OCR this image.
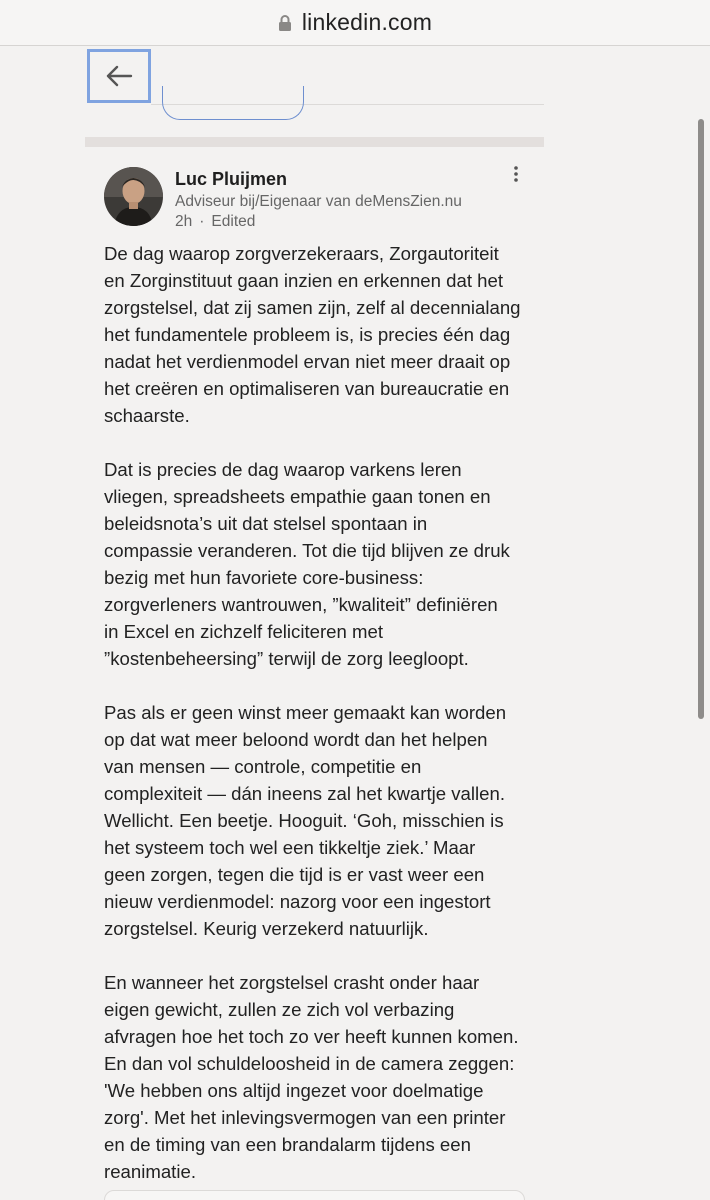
linkedin.com
Luc Pluijmen
Adviseur bij/Eigenaar van deMensZien.nu
2h · Edited
De dag waarop zorgverzekeraars, Zorgautoriteit
en Zorginstituut gaan inzien en erkennen dat het
zorgstelsel, dat zij samen zijn, zelf al decennialang
het fundamentele probleem is, is precies één dag
nadat het verdienmodel ervan niet meer draait op
het creëren en optimaliseren van bureaucratie en
schaarste.
Dat is precies de dag waarop varkens leren
vliegen, spreadsheets empathie gaan tonen en
beleidsnota’s uit dat stelsel spontaan in
compassie veranderen. Tot die tijd blijven ze druk
bezig met hun favoriete core-business:
zorgverleners wantrouwen, ”kwaliteit” definiëren
in Excel en zichzelf feliciteren met
”kostenbeheersing” terwijl de zorg leegloopt.
Pas als er geen winst meer gemaakt kan worden
op dat wat meer beloond wordt dan het helpen
van mensen — controle, competitie en
complexiteit — dán ineens zal het kwartje vallen.
Wellicht. Een beetje. Hooguit. ‘Goh, misschien is
het systeem toch wel een tikkeltje ziek.’ Maar
geen zorgen, tegen die tijd is er vast weer een
nieuw verdienmodel: nazorg voor een ingestort
zorgstelsel. Keurig verzekerd natuurlijk.
En wanneer het zorgstelsel crasht onder haar
eigen gewicht, zullen ze zich vol verbazing
afvragen hoe het toch zo ver heeft kunnen komen.
En dan vol schuldeloosheid in de camera zeggen:
'We hebben ons altijd ingezet voor doelmatige
zorg'. Met het inlevingsvermogen van een printer
en de timing van een brandalarm tijdens een
reanimatie.
